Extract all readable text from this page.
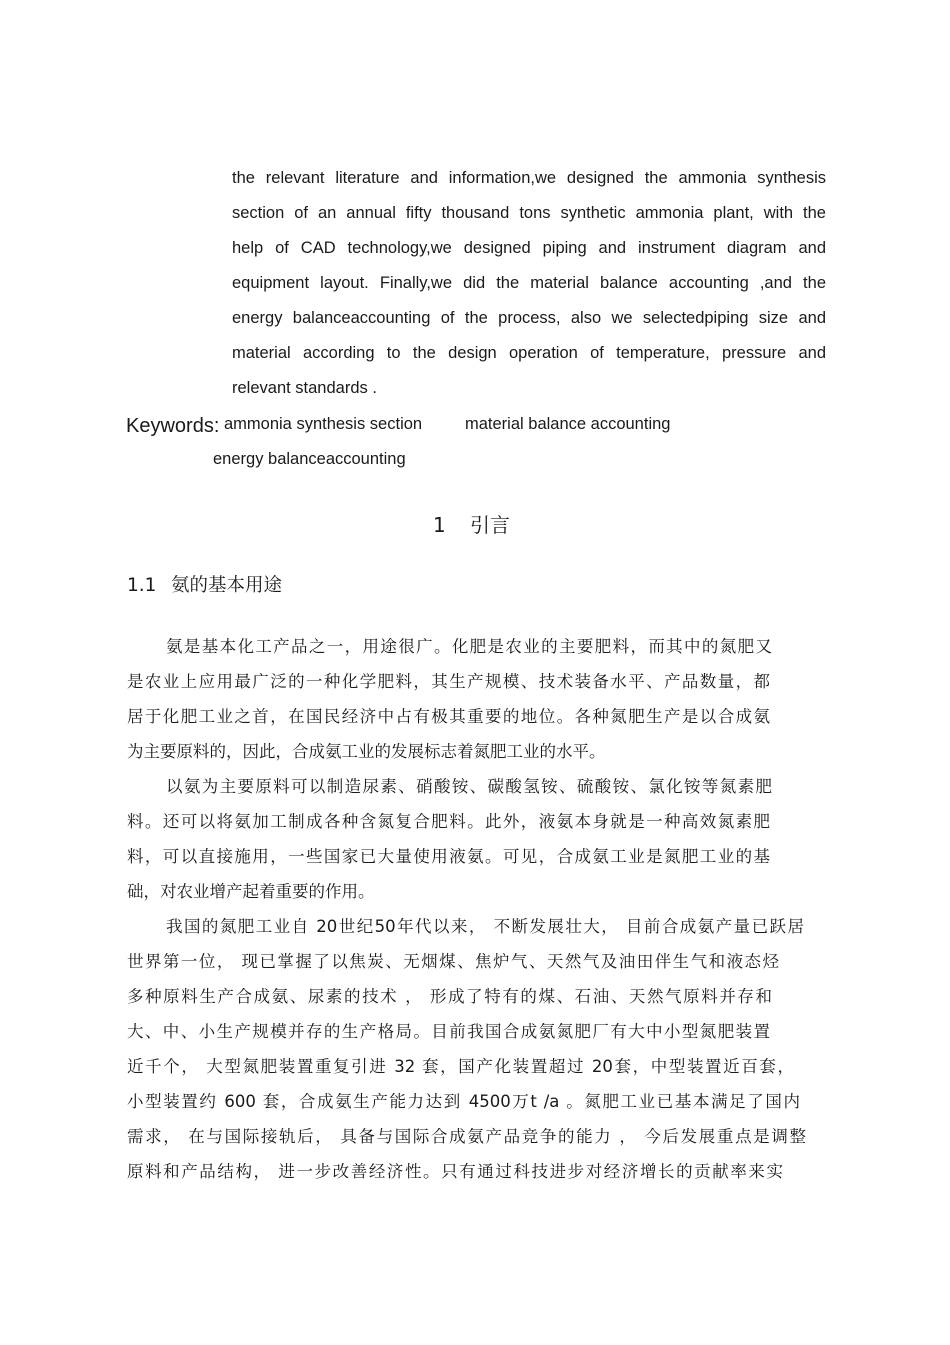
the relevant literature and information,we designed the ammonia synthesis
section of an annual fifty thousand tons synthetic ammonia plant, with the
help of CAD technology,we designed piping and instrument diagram and
equipment layout. Finally,we did the material balance accounting ,and the
energy balanceaccounting of the process, also we selectedpiping size and
material according to the design operation of temperature, pressure and
relevant standards .
Keywords: ammonia synthesis section	material balance accounting
energy balanceaccounting
1 引言
1.1 氨的基本用途
氨是基本化工产品之一，用途很广。化肥是农业的主要肥料，而其中的氮肥又
是农业上应用最广泛的一种化学肥料，其生产规模、技术装备水平、产品数量，都
居于化肥工业之首，在国民经济中占有极其重要的地位。各种氮肥生产是以合成氨
为主要原料的，因此，合成氨工业的发展标志着氮肥工业的水平。
以氨为主要原料可以制造尿素、硝酸铵、碳酸氢铵、硫酸铵、氯化铵等氮素肥
料。还可以将氨加工制成各种含氮复合肥料。此外，液氨本身就是一种高效氮素肥
料，可以直接施用，一些国家已大量使用液氨。可见，合成氨工业是氮肥工业的基
础，对农业增产起着重要的作用。
我国的氮肥工业自 20世纪50年代以来， 不断发展壮大， 目前合成氨产量已跃居
世界第一位， 现已掌握了以焦炭、无烟煤、焦炉气、天然气及油田伴生气和液态烃
多种原料生产合成氨、尿素的技术 ， 形成了特有的煤、石油、天然气原料并存和
大、中、小生产规模并存的生产格局。目前我国合成氨氮肥厂有大中小型氮肥装置
近千个， 大型氮肥装置重复引进 32 套，国产化装置超过 20套，中型装置近百套，
小型装置约 600 套，合成氨生产能力达到 4500万t /a 。氮肥工业已基本满足了国内
需求， 在与国际接轨后， 具备与国际合成氨产品竞争的能力 ， 今后发展重点是调整
原料和产品结构， 进一步改善经济性。只有通过科技进步对经济增长的贡献率来实
